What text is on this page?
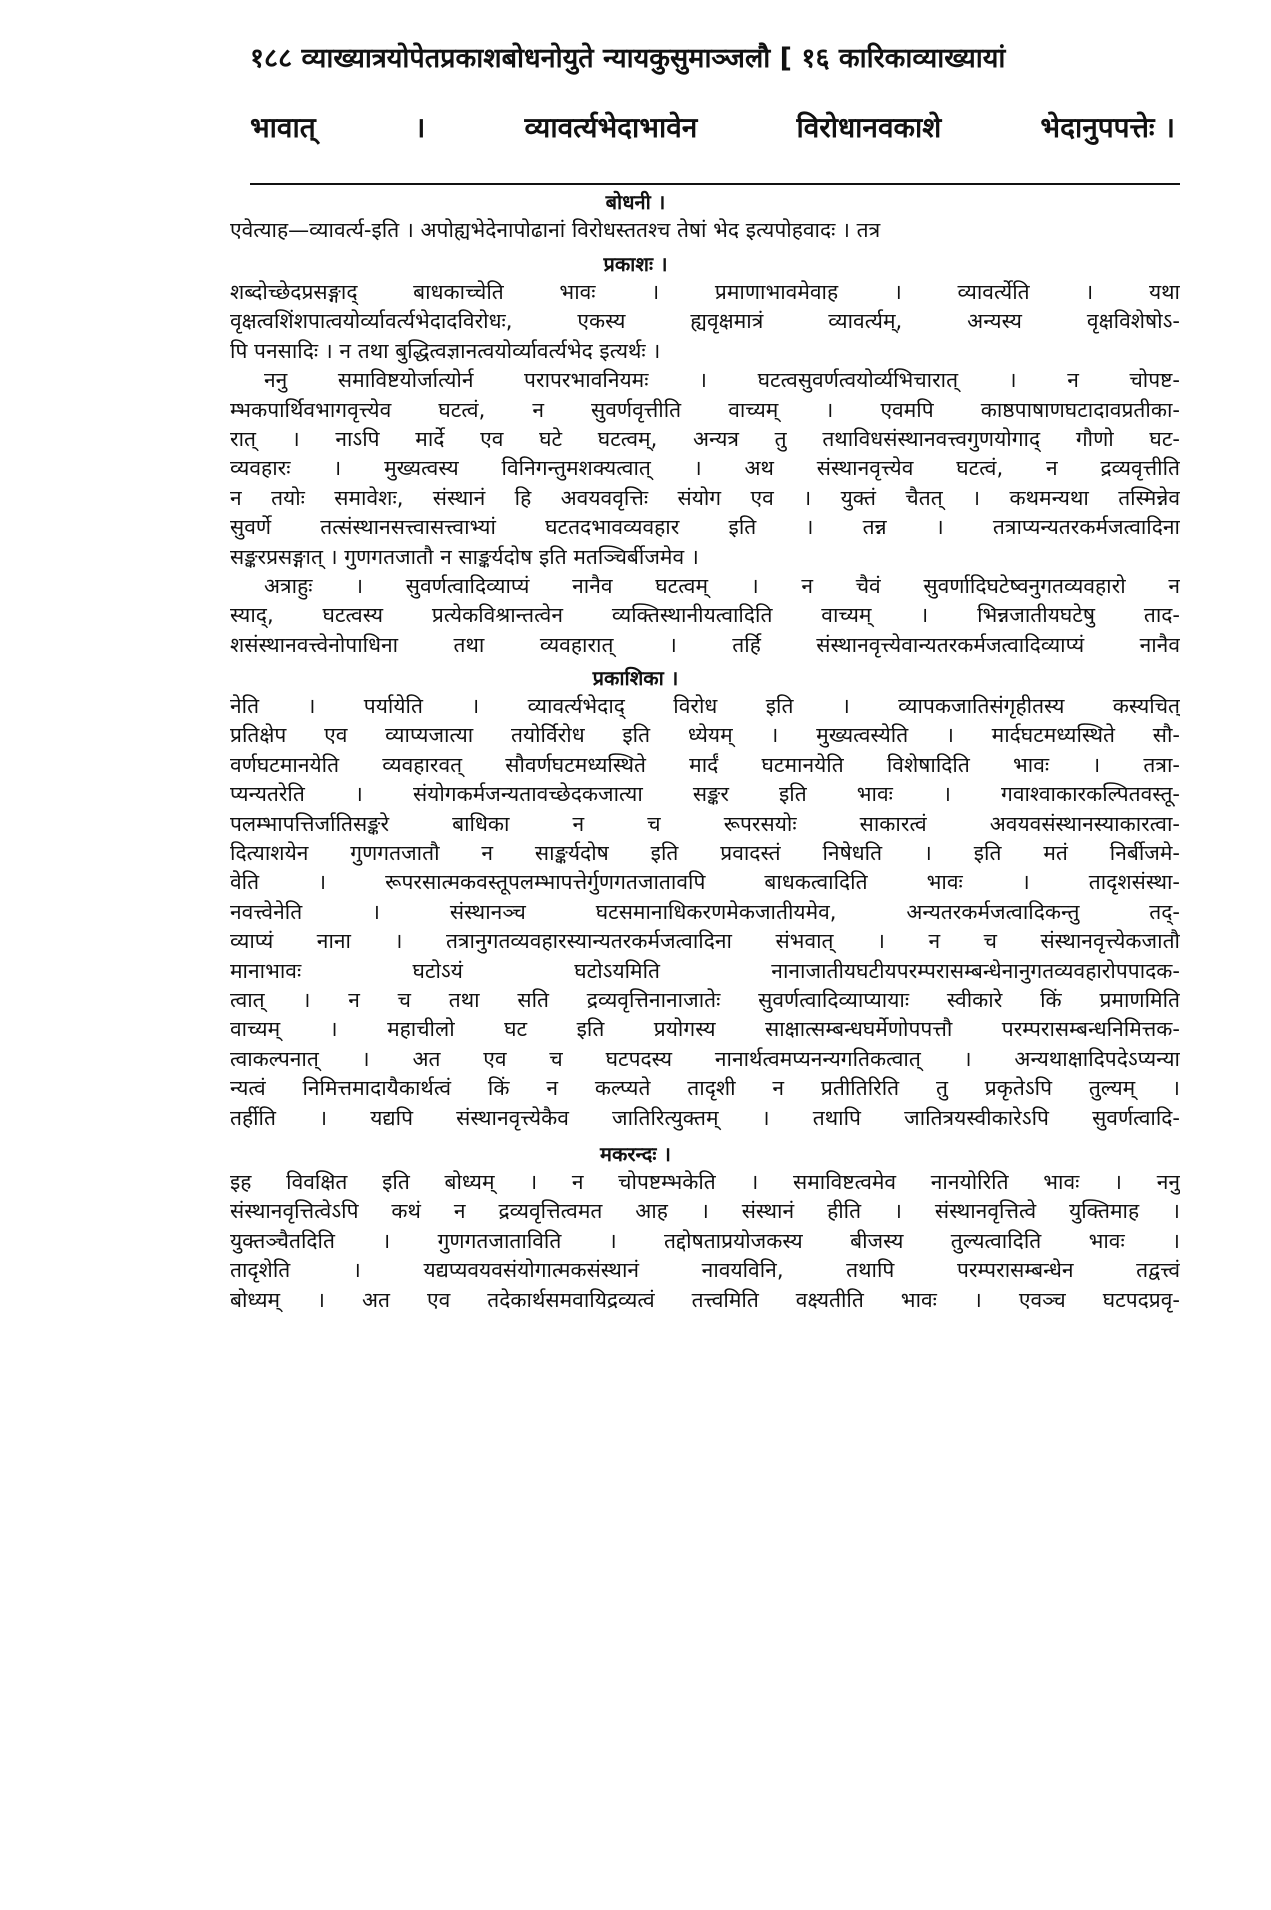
१८८ व्याख्यात्रयोपेतप्रकाशबोधनोयुते न्यायकुसुमाञ्जलौ [ १६ कारिकाव्याख्यायां
भावात्	।	व्यावर्त्यभेदाभावेन	विरोधानवकाशे	भेदानुपपत्तेः ।
बोधनी ।
एवेत्याह—व्यावर्त्य-इति । अपोह्यभेदेनापोढानां विरोधस्ततश्च तेषां भेद इत्यपोहवादः । तत्र
प्रकाशः ।
शब्दोच्छेदप्रसङ्गाद् बाधकाच्चेति भावः । प्रमाणाभावमेवाह । व्यावर्त्येति । यथा
वृक्षत्वशिंशपात्वयोर्व्यावर्त्यभेदादविरोधः, एकस्य ह्यवृक्षमात्रं व्यावर्त्यम्, अन्यस्य वृक्षविशेषोऽ-
पि पनसादिः । न तथा बुद्धित्वज्ञानत्वयोर्व्यावर्त्यभेद इत्यर्थः ।
ननु समाविष्टयोर्जात्योर्न परापरभावनियमः । घटत्वसुवर्णत्वयोर्व्यभिचारात् । न चोपष्ट-
म्भकपार्थिवभागवृत्त्येव घटत्वं, न सुवर्णवृत्तीति वाच्यम् । एवमपि काष्ठपाषाणघटादावप्रतीका-
रात् । नाऽपि मार्दे एव घटे घटत्वम्, अन्यत्र तु तथाविधसंस्थानवत्त्वगुणयोगाद् गौणो घट-
व्यवहारः । मुख्यत्वस्य विनिगन्तुमशक्यत्वात् । अथ संस्थानवृत्त्येव घटत्वं, न द्रव्यवृत्तीति
न तयोः समावेशः, संस्थानं हि अवयववृत्तिः संयोग एव । युक्तं चैतत् । कथमन्यथा तस्मिन्नेव
सुवर्णे तत्संस्थानसत्त्वासत्त्वाभ्यां घटतदभावव्यवहार इति । तन्न । तत्राप्यन्यतरकर्मजत्वादिना
सङ्करप्रसङ्गात् । गुणगतजातौ न साङ्कर्यदोष इति मतञ्चिर्बीजमेव ।
अत्राहुः । सुवर्णत्वादिव्याप्यं नानैव घटत्वम् । न चैवं सुवर्णादिघटेष्वनुगतव्यवहारो न
स्याद्, घटत्वस्य प्रत्येकविश्रान्तत्वेन व्यक्तिस्थानीयत्वादिति वाच्यम् । भिन्नजातीयघटेषु ताद-
शसंस्थानवत्त्वेनोपाधिना तथा व्यवहारात् । तर्हि संस्थानवृत्त्येवान्यतरकर्मजत्वादिव्याप्यं नानैव
प्रकाशिका ।
नेति । पर्यायेति । व्यावर्त्यभेदाद् विरोध इति । व्यापकजातिसंगृहीतस्य कस्यचित्
प्रतिक्षेप एव व्याप्यजात्या तयोर्विरोध इति ध्येयम् । मुख्यत्वस्येति । मार्दघटमध्यस्थिते सौ-
वर्णघटमानयेति व्यवहारवत् सौवर्णघटमध्यस्थिते मार्दं घटमानयेति विशेषादिति भावः । तत्रा-
प्यन्यतरेति । संयोगकर्मजन्यतावच्छेदकजात्या सङ्कर इति भावः । गवाश्वाकारकल्पितवस्तू-
पलम्भापत्तिर्जातिसङ्करे बाधिका न च रूपरसयोः साकारत्वं अवयवसंस्थानस्याकारत्वा-
दित्याशयेन गुणगतजातौ न साङ्कर्यदोष इति प्रवादस्तं निषेधति । इति मतं निर्बीजमे-
वेति । रूपरसात्मकवस्तूपलम्भापत्तेर्गुणगतजातावपि बाधकत्वादिति भावः । तादृशसंस्था-
नवत्त्वेनेति । संस्थानञ्च घटसमानाधिकरणमेकजातीयमेव, अन्यतरकर्मजत्वादिकन्तु तद्-
व्याप्यं नाना । तत्रानुगतव्यवहारस्यान्यतरकर्मजत्वादिना संभवात् । न च संस्थानवृत्त्येकजातौ
मानाभावः घटोऽयं घटोऽयमिति नानाजातीयघटीयपरम्परासम्बन्धेनानुगतव्यवहारोपपादक-
त्वात् । न च तथा सति द्रव्यवृत्तिनानाजातेः सुवर्णत्वादिव्याप्यायाः स्वीकारे किं प्रमाणमिति
वाच्यम् । महाचीलो घट इति प्रयोगस्य साक्षात्सम्बन्धघर्मेणोपपत्तौ परम्परासम्बन्धनिमित्तक-
त्वाकल्पनात् । अत एव च घटपदस्य नानार्थत्वमप्यनन्यगतिकत्वात् । अन्यथाक्षादिपदेऽप्यन्या
न्यत्वं निमित्तमादायैकार्थत्वं किं न कल्प्यते तादृशी न प्रतीतिरिति तु प्रकृतेऽपि तुल्यम् ।
तर्हीति । यद्यपि संस्थानवृत्त्येकैव जातिरित्युक्तम् । तथापि जातित्रयस्वीकारेऽपि सुवर्णत्वादि-
मकरन्दः ।
इह विवक्षित इति बोध्यम् । न चोपष्टम्भकेति । समाविष्टत्वमेव नानयोरिति भावः । ननु
संस्थानवृत्तित्वेऽपि कथं न द्रव्यवृत्तित्वमत आह । संस्थानं हीति । संस्थानवृत्तित्वे युक्तिमाह ।
युक्तञ्चैतदिति । गुणगतजाताविति । तद्दोषताप्रयोजकस्य बीजस्य तुल्यत्वादिति भावः ।
तादृशेति । यद्यप्यवयवसंयोगात्मकसंस्थानं नावयविनि, तथापि परम्परासम्बन्धेन तद्वत्त्वं
बोध्यम् । अत एव तदेकार्थसमवायिद्रव्यत्वं तत्त्वमिति वक्ष्यतीति भावः । एवञ्च घटपदप्रवृ-
